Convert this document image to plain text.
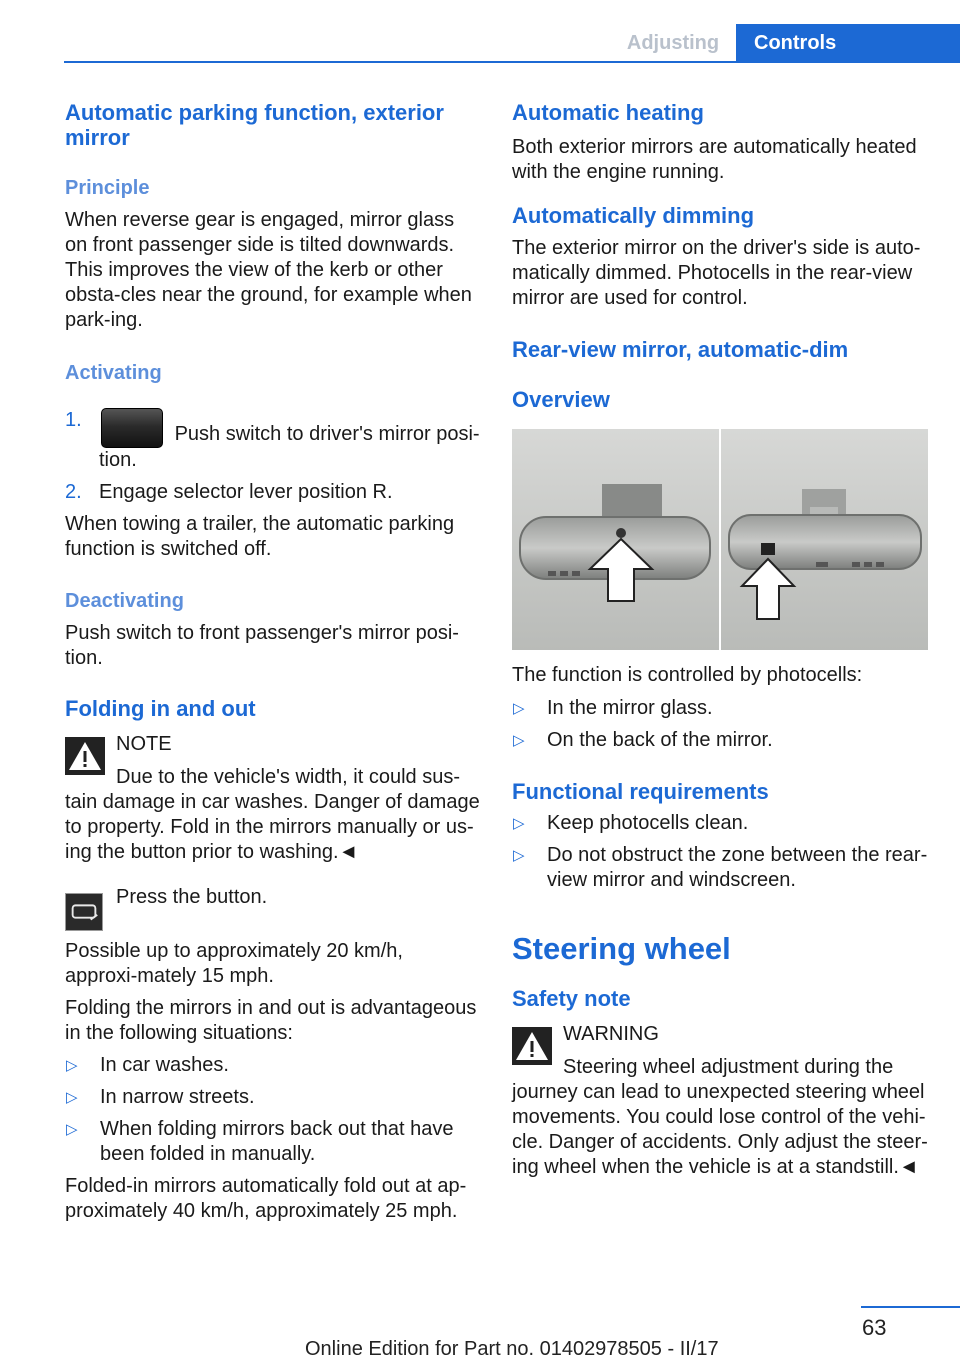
Adjusting	Controls
Automatic parking function, exterior mirror
Principle

When reverse gear is engaged, mirror glass on front passenger side is tilted downwards. This improves the view of the kerb or other obsta-cles near the ground, for example when park-ing.

Activating
1.
Push switch to driver's mirror posi-tion.
2. Engage selector lever position R.

When towing a trailer, the automatic parking function is switched off.

Deactivating

Push switch to front passenger's mirror posi-tion.

Folding in and out

NOTE

Due to the vehicle's width, it could sus-

tain damage in car washes. Danger of damage to property. Fold in the mirrors manually or us-ing the button prior to washing.◄

Press the button.

Possible up to approximately 20 km/h, approxi-mately 15 mph.

Folding the mirrors in and out is advantageous in the following situations:

▷	In car washes.
▷	In narrow streets.
▷	When folding mirrors back out that have been folded in manually.

Folded-in mirrors automatically fold out at ap-proximately 40 km/h, approximately 25 mph.

Automatic heating

Both exterior mirrors are automatically heated with the engine running.

Automatically dimming

The exterior mirror on the driver's side is auto-matically dimmed. Photocells in the rear-view mirror are used for control.

Rear-view mirror, automatic-dim
Overview

The function is controlled by photocells:

▷	In the mirror glass.
▷	On the back of the mirror.
Functional requirements
▷	Keep photocells clean.
▷	Do not obstruct the zone between the rear-view mirror and windscreen.
Steering wheel
Safety note

WARNING

Steering wheel adjustment during the

journey can lead to unexpected steering wheel movements. You could lose control of the vehi-cle. Danger of accidents. Only adjust the steer-ing wheel when the vehicle is at a standstill.◄

63
Online Edition for Part no. 01402978505 - II/17
